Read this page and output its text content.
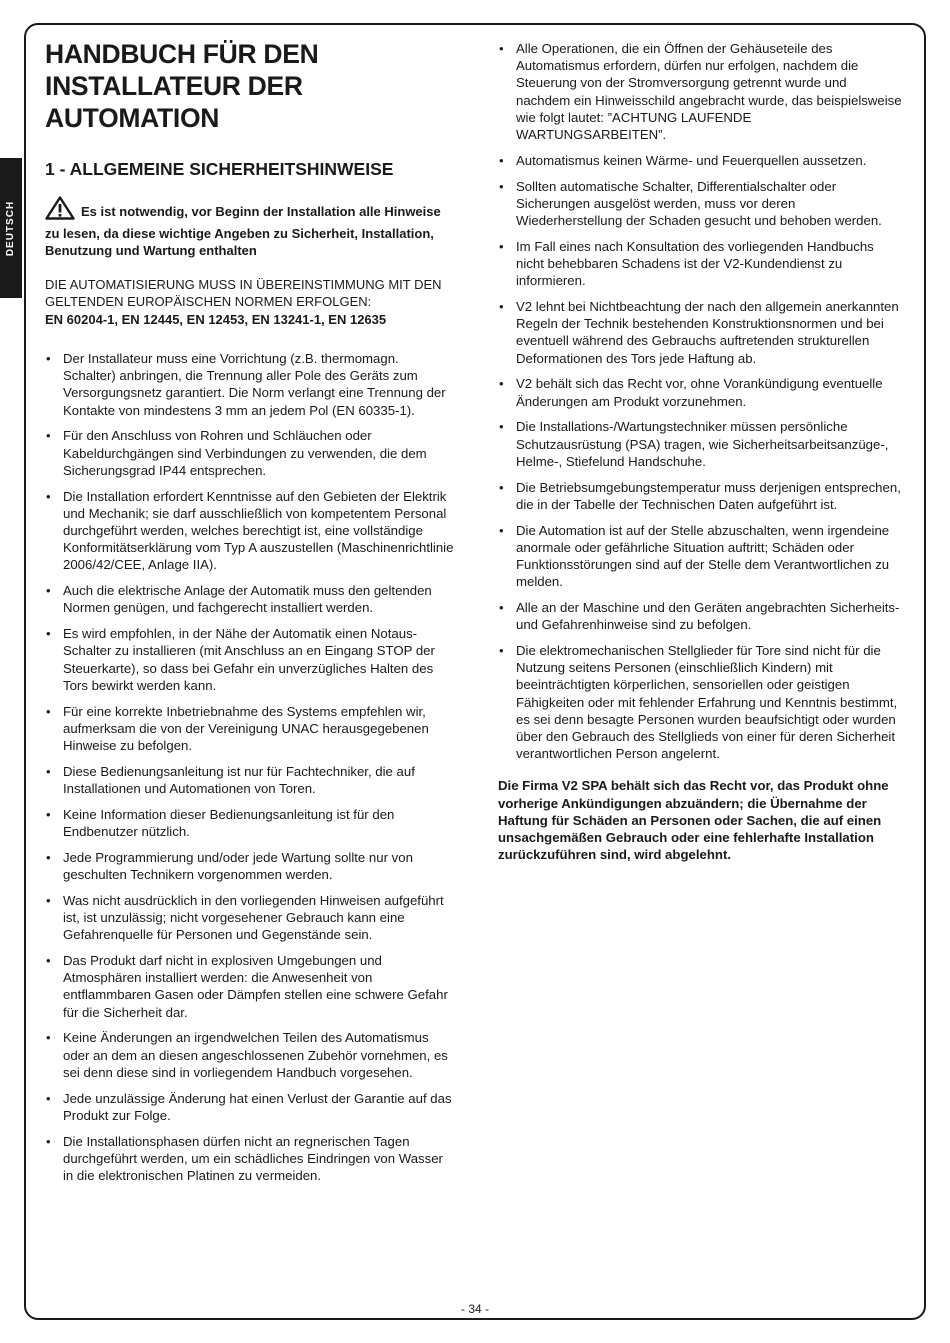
DEUTSCH
HANDBUCH FÜR DEN INSTALLATEUR DER AUTOMATION
1 - ALLGEMEINE SICHERHEITSHINWEISE
Es ist notwendig, vor Beginn der Installation alle Hinweise zu lesen, da diese wichtige Angeben zu Sicherheit, Installation, Benutzung und Wartung enthalten
DIE AUTOMATISIERUNG MUSS IN ÜBEREINSTIMMUNG MIT DEN GELTENDEN EUROPÄISCHEN NORMEN ERFOLGEN:
EN 60204-1, EN 12445, EN 12453, EN 13241-1, EN 12635
• Der Installateur muss eine Vorrichtung (z.B. thermomagn. Schalter) anbringen, die Trennung aller Pole des Geräts zum Versorgungsnetz garantiert. Die Norm verlangt eine Trennung der Kontakte von mindestens 3 mm an jedem Pol (EN 60335-1).
• Für den Anschluss von Rohren und Schläuchen oder Kabeldurchgängen sind Verbindungen zu verwenden, die dem Sicherungsgrad IP44 entsprechen.
• Die Installation erfordert Kenntnisse auf den Gebieten der Elektrik und Mechanik; sie darf ausschließlich von kompetentem Personal durchgeführt werden, welches berechtigt ist, eine vollständige Konformitätserklärung vom Typ A auszustellen (Maschinenrichtlinie 2006/42/CEE, Anlage IIA).
• Auch die elektrische Anlage der Automatik muss den geltenden Normen genügen, und fachgerecht installiert werden.
• Es wird empfohlen, in der Nähe der Automatik einen Notaus-Schalter zu installieren (mit Anschluss an en Eingang STOP der Steuerkarte), so dass bei Gefahr ein unverzügliches Halten des Tors bewirkt werden kann.
• Für eine korrekte Inbetriebnahme des Systems empfehlen wir, aufmerksam die von der Vereinigung UNAC herausgegebenen Hinweise zu befolgen.
• Diese Bedienungsanleitung ist nur für Fachtechniker, die auf Installationen und Automationen von Toren.
• Keine Information dieser Bedienungsanleitung ist für den Endbenutzer nützlich.
• Jede Programmierung und/oder jede Wartung sollte nur von geschulten Technikern vorgenommen werden.
• Was nicht ausdrücklich in den vorliegenden Hinweisen aufgeführt ist, ist unzulässig; nicht vorgesehener Gebrauch kann eine Gefahrenquelle für Personen und Gegenstände sein.
• Das Produkt darf nicht in explosiven Umgebungen und Atmosphären installiert werden: die Anwesenheit von entflammbaren Gasen oder Dämpfen stellen eine schwere Gefahr für die Sicherheit dar.
• Keine Änderungen an irgendwelchen Teilen des Automatismus oder an dem an diesen angeschlossenen Zubehör vornehmen, es sei denn diese sind in vorliegendem Handbuch vorgesehen.
• Jede unzulässige Änderung hat einen Verlust der Garantie auf das Produkt zur Folge.
• Die Installationsphasen dürfen nicht an regnerischen Tagen durchgeführt werden, um ein schädliches Eindringen von Wasser in die elektronischen Platinen zu vermeiden.
• Alle Operationen, die ein Öffnen der Gehäuseteile des Automatismus erfordern, dürfen nur erfolgen, nachdem die Steuerung von der Stromversorgung getrennt wurde und nachdem ein Hinweisschild angebracht wurde, das beispielsweise wie folgt lautet: ”ACHTUNG LAUFENDE WARTUNGSARBEITEN”.
• Automatismus keinen Wärme- und Feuerquellen aussetzen.
• Sollten automatische Schalter, Differentialschalter oder Sicherungen ausgelöst werden, muss vor deren Wiederherstellung der Schaden gesucht und behoben werden.
• Im Fall eines nach Konsultation des vorliegenden Handbuchs nicht behebbaren Schadens ist der V2-Kundendienst zu informieren.
• V2 lehnt bei Nichtbeachtung der nach den allgemein anerkannten Regeln der Technik bestehenden Konstruktionsnormen und bei eventuell während des Gebrauchs auftretenden strukturellen Deformationen des Tors jede Haftung ab.
• V2 behält sich das Recht vor, ohne Vorankündigung eventuelle Änderungen am Produkt vorzunehmen.
• Die Installations-/Wartungstechniker müssen persönliche Schutzausrüstung (PSA) tragen, wie Sicherheitsarbeitsanzüge-, Helme-, Stiefelund Handschuhe.
• Die Betriebsumgebungstemperatur muss derjenigen entsprechen, die in der Tabelle der Technischen Daten aufgeführt ist.
• Die Automation ist auf der Stelle abzuschalten, wenn irgendeine anormale oder gefährliche Situation auftritt; Schäden oder Funktionsstörungen sind auf der Stelle dem Verantwortlichen zu melden.
• Alle an der Maschine und den Geräten angebrachten Sicherheits- und Gefahrenhinweise sind zu befolgen.
• Die elektromechanischen Stellglieder für Tore sind nicht für die Nutzung seitens Personen (einschließlich Kindern) mit beeinträchtigten körperlichen, sensoriellen oder geistigen Fähigkeiten oder mit fehlender Erfahrung und Kenntnis bestimmt, es sei denn besagte Personen wurden beaufsichtigt oder wurden über den Gebrauch des Stellglieds von einer für deren Sicherheit verantwortlichen Person angelernt.
Die Firma V2 SPA behält sich das Recht vor, das Produkt ohne vorherige Ankündigungen abzuändern; die Übernahme der Haftung für Schäden an Personen oder Sachen, die auf einen unsachgemäßen Gebrauch oder eine fehlerhafte Installation zurückzuführen sind, wird abgelehnt.
- 34 -
